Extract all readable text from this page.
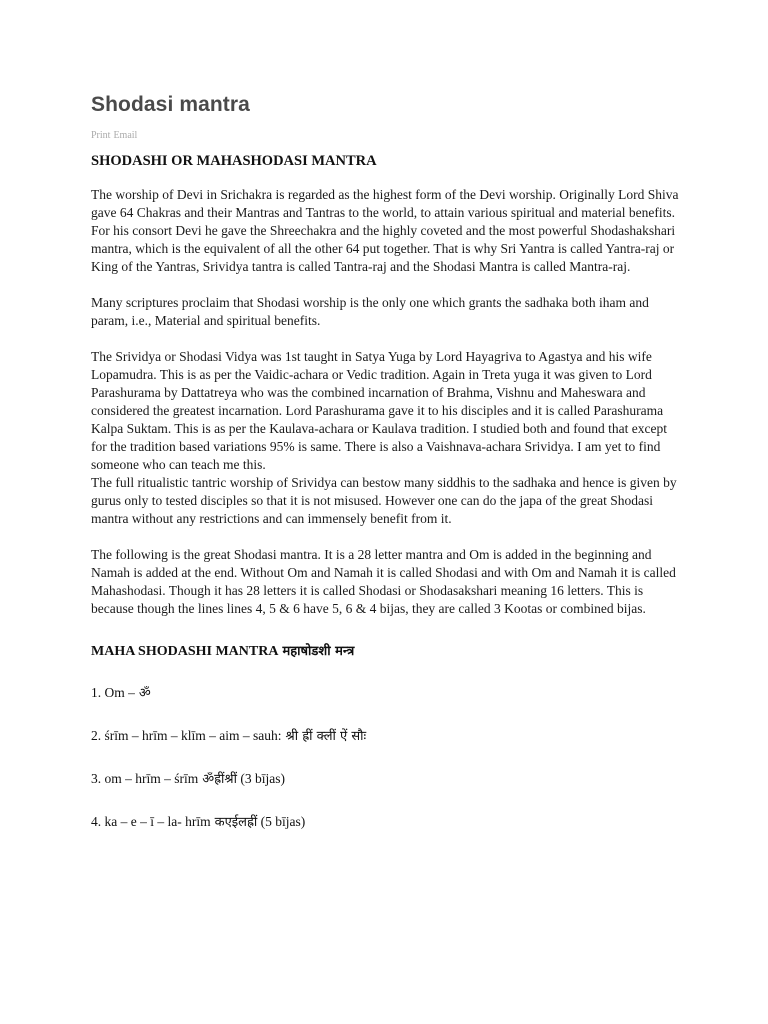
Shodasi mantra
Print Email
SHODASHI OR MAHASHODASI MANTRA

The worship of Devi in Srichakra is regarded as the highest form of the Devi worship. Originally Lord Shiva gave 64 Chakras and their Mantras and Tantras to the world, to attain various spiritual and material benefits. For his consort Devi he gave the Shreechakra and the highly coveted and the most powerful Shodashakshari mantra, which is the equivalent of all the other 64 put together. That is why Sri Yantra is called Yantra-raj or King of the Yantras, Srividya tantra is called Tantra-raj and the Shodasi Mantra is called Mantra-raj.

Many scriptures proclaim that Shodasi worship is the only one which grants the sadhaka both iham and param, i.e., Material and spiritual benefits.

The Srividya or Shodasi Vidya was 1st taught in Satya Yuga by Lord Hayagriva to Agastya and his wife Lopamudra. This is as per the Vaidic-achara or Vedic tradition. Again in Treta yuga it was given to Lord Parashurama by Dattatreya who was the combined incarnation of Brahma, Vishnu and Maheswara and considered the greatest incarnation. Lord Parashurama gave it to his disciples and it is called Parashurama Kalpa Suktam. This is as per the Kaulava-achara or Kaulava tradition. I studied both and found that except for the tradition based variations 95% is same. There is also a Vaishnava-achara Srividya. I am yet to find someone who can teach me this.

The full ritualistic tantric worship of Srividya can bestow many siddhis to the sadhaka and hence is given by gurus only to tested disciples so that it is not misused. However one can do the japa of the great Shodasi mantra without any restrictions and can immensely benefit from it.

The following is the great Shodasi mantra. It is a 28 letter mantra and Om is added in the beginning and Namah is added at the end. Without Om and Namah it is called Shodasi and with Om and Namah it is called Mahashodasi. Though it has 28 letters it is called Shodasi or Shodasakshari meaning 16 letters. This is because though the lines lines 4, 5 & 6 have 5, 6 & 4 bijas, they are called 3 Kootas or combined bijas.

MAHA SHODASHI MANTRA महाषोडशी मन्त्र
1. Om – ॐ
2. śrīm – hrīm – klīm – aim – sauh: श्री ह्रीं क्लीं ऐं सौः
3. om – hrīm – śrīm ॐह्रींश्रीं (3 bījas)
4. ka – e – ī – la- hrīm कएईलह्रीं (5 bījas)
